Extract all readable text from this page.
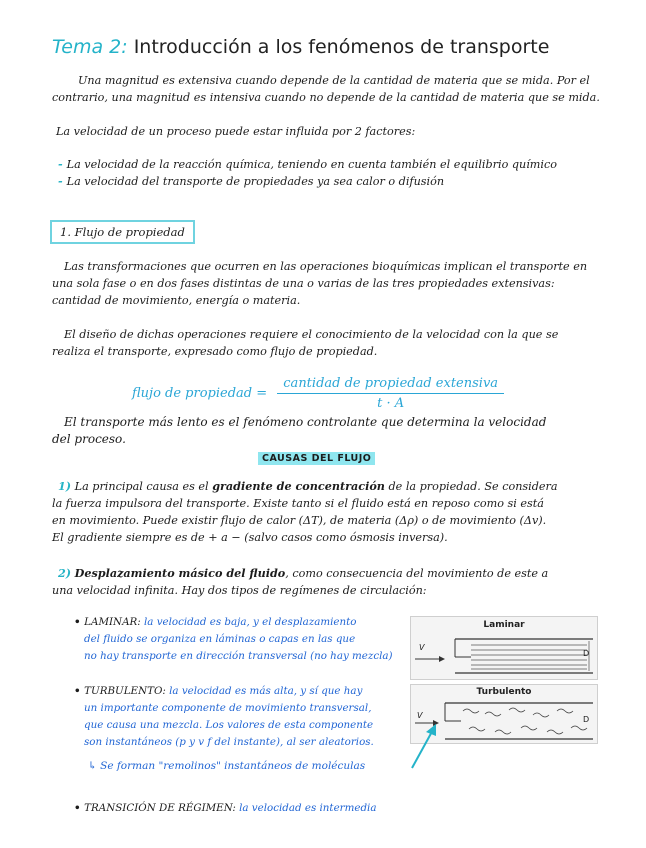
Tema 2: Introducción a los fenómenos de transporte

Una magnitud es extensiva cuando depende de la cantidad de materia que se mida. Por el

contrario, una magnitud es intensiva cuando no depende de la cantidad de materia que se mida.

La velocidad de un proceso puede estar influida por 2 factores:

- La velocidad de la reacción química, teniendo en cuenta también el equilibrio químico

- La velocidad del transporte de propiedades ya sea calor o difusión

1. Flujo de propiedad

Las transformaciones que ocurren en las operaciones bioquímicas implican el transporte en

una sola fase o en dos fases distintas de una o varias de las tres propiedades extensivas:

cantidad de movimiento, energía o materia.

El diseño de dichas operaciones requiere el conocimiento de la velocidad con la que se

realiza el transporte, expresado como flujo de propiedad.

flujo de propiedad = $\frac{\text{cantidad de propiedad extensiva}}{t \cdot A}$

El transporte más lento es el fenómeno controlante que determina la velocidad

del proceso.

CAUSAS DEL FLUJO

1) La principal causa es el gradiente de concentración de la propiedad. Se considera

la fuerza impulsora del transporte. Existe tanto si el fluido está en reposo como si está

en movimiento. Puede existir flujo de calor (ΔT), de materia (Δρ) o de movimiento (Δv).

El gradiente siempre es de + a − (salvo casos como ósmosis inversa).

2) Desplazamiento másico del fluido, como consecuencia del movimiento de este a

una velocidad infinita. Hay dos tipos de regímenes de circulación:

• LAMINAR: la velocidad es baja, y el desplazamiento

del fluido se organiza en láminas o capas en las que

no hay transporte en dirección transversal (no hay mezcla)

• TURBULENTO: la velocidad es más alta, y sí que hay

un importante componente de movimiento transversal,

que causa una mezcla. Los valores de esta componente

son instantáneos (p y v f del instante), al ser aleatorios.

↳ Se forman "remolinos" instantáneos de moléculas
• TRANSICIÓN DE RÉGIMEN: la velocidad es intermedia
Laminar
V
D
Turbulento
V	D
